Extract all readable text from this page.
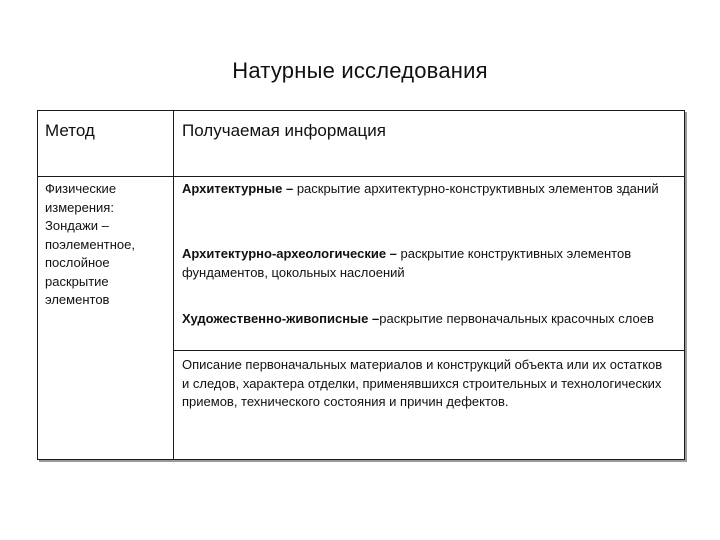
Натурные исследования
Метод	Получаемая информация
Физические
измерения:
Зондажи –
поэлементное,
послойное
раскрытие
элементов
Архитектурные – раскрытие архитектурно-конструктивных элементов зданий
Архитектурно-археологические – раскрытие конструктивных элементов фундаментов, цокольных наслоений
Художественно-живописные –раскрытие первоначальных красочных слоев
Описание первоначальных материалов и конструкций объекта или их остатков и следов, характера отделки, применявшихся строительных и технологических приемов, технического состояния и причин дефектов.
